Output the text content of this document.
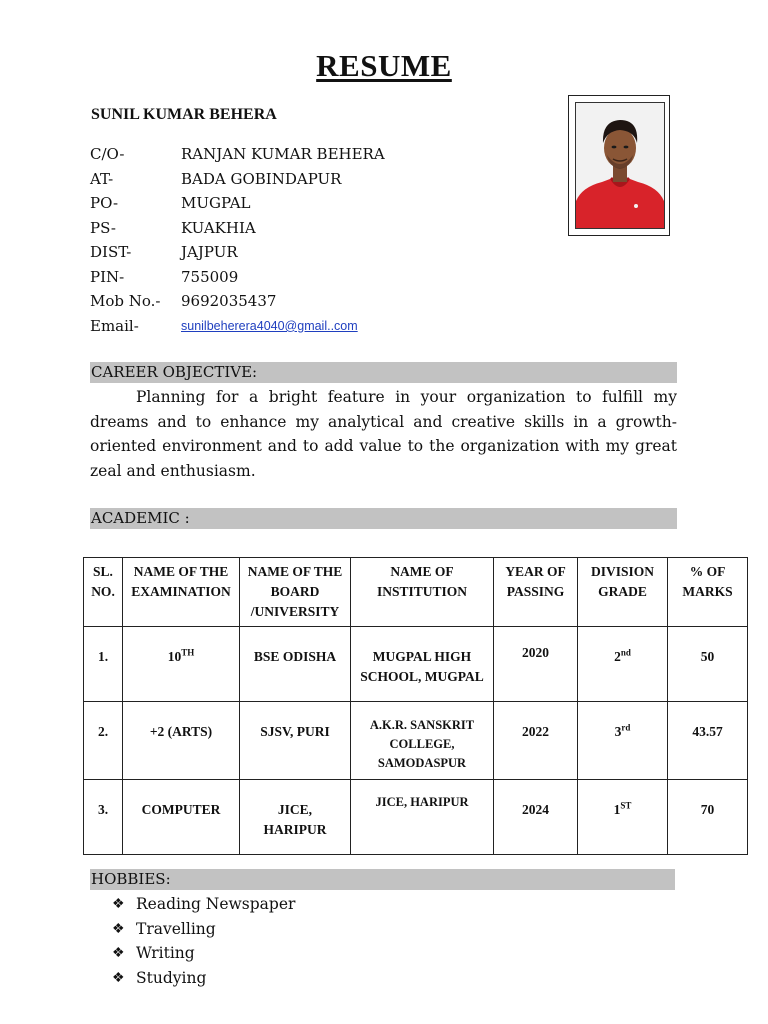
RESUME
SUNIL KUMAR BEHERA
C/O-	RANJAN KUMAR BEHERA
AT-	BADA GOBINDAPUR
PO-	MUGPAL
PS-	KUAKHIA
DIST-	JAJPUR
PIN-	755009
Mob No.-	9692035437
Email-	sunilbeherera4040@gmail..com
CAREER OBJECTIVE:
Planning for a bright feature in your organization to fulfill my dreams and to enhance my analytical and creative skills in a growth-oriented environment and to add value to the organization with my great zeal and enthusiasm.
ACADEMIC :
SL. NO.	NAME OF THE EXAMINATION	NAME OF THE BOARD /UNIVERSITY	NAME OF INSTITUTION	YEAR OF PASSING	DIVISION GRADE	% OF MARKS
1.	10TH	BSE ODISHA	MUGPAL HIGH SCHOOL, MUGPAL	2020	2nd	50
2.	+2 (ARTS)	SJSV, PURI	A.K.R. SANSKRIT COLLEGE, SAMODASPUR	2022	3rd	43.57
3.	COMPUTER	JICE, HARIPUR	JICE, HARIPUR	2024	1ST	70
HOBBIES:
❖ Reading Newspaper
❖ Travelling
❖ Writing
❖ Studying
